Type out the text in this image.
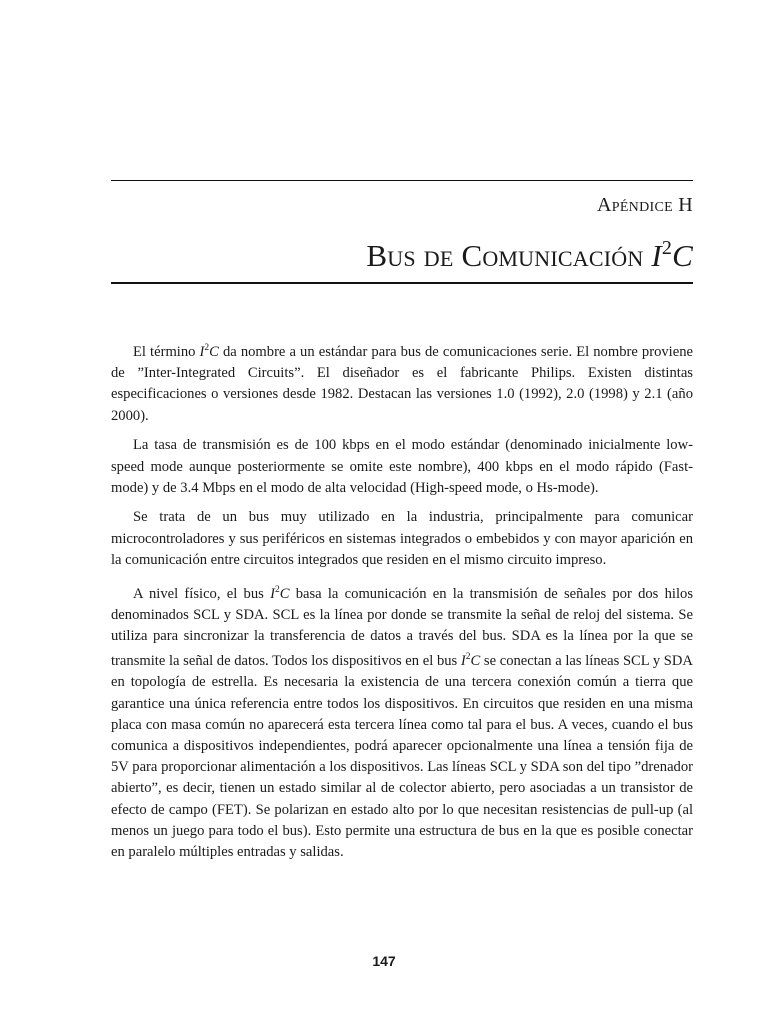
Apéndice H
Bus de Comunicación $I^2C$

El término $I^2C$ da nombre a un estándar para bus de comunicaciones serie. El nombre proviene de ”Inter-Integrated Circuits”. El diseñador es el fabricante Philips. Existen distintas especificaciones o versiones desde 1982. Destacan las versiones 1.0 (1992), 2.0 (1998) y 2.1 (año 2000).

La tasa de transmisión es de 100 kbps en el modo estándar (denominado inicialmente low-speed mode aunque posteriormente se omite este nombre), 400 kbps en el modo rápido (Fast-mode) y de 3.4 Mbps en el modo de alta velocidad (High-speed mode, o Hs-mode).

Se trata de un bus muy utilizado en la industria, principalmente para comunicar microcontroladores y sus periféricos en sistemas integrados o embebidos y con mayor aparición en la comunicación entre circuitos integrados que residen en el mismo circuito impreso.

A nivel físico, el bus $I^2C$ basa la comunicación en la transmisión de señales por dos hilos denominados SCL y SDA. SCL es la línea por donde se transmite la señal de reloj del sistema. Se utiliza para sincronizar la transferencia de datos a través del bus. SDA es la línea por la que se transmite la señal de datos. Todos los dispositivos en el bus $I^2C$ se conectan a las líneas SCL y SDA en topología de estrella. Es necesaria la existencia de una tercera conexión común a tierra que garantice una única referencia entre todos los dispositivos. En circuitos que residen en una misma placa con masa común no aparecerá esta tercera línea como tal para el bus. A veces, cuando el bus comunica a dispositivos independientes, podrá aparecer opcionalmente una línea a tensión fija de 5V para proporcionar alimentación a los dispositivos. Las líneas SCL y SDA son del tipo ”drenador abierto”, es decir, tienen un estado similar al de colector abierto, pero asociadas a un transistor de efecto de campo (FET). Se polarizan en estado alto por lo que necesitan resistencias de pull-up (al menos un juego para todo el bus). Esto permite una estructura de bus en la que es posible conectar en paralelo múltiples entradas y salidas.

147
